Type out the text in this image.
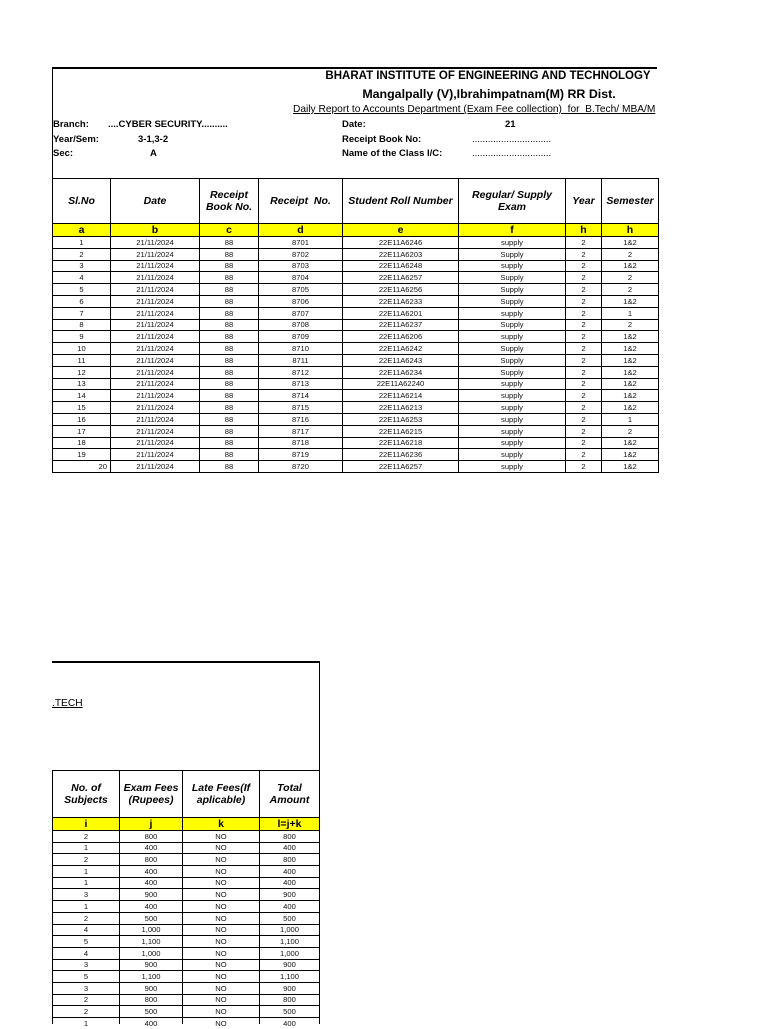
BHARAT INSTITUTE OF ENGINEERING AND TECHNOLOGY
Mangalpally (V),Ibrahimpatnam(M) RR Dist.
Daily Report to Accounts Department (Exam Fee collection)  for  B.Tech/ MBA/M
.TECH
Branch: ....CYBER SECURITY..........	Date:	21
Year/Sem:	3-1,3-2	Receipt Book No:	..............................
Sec:	A	Name of the Class I/C:	..............................
Sl.No	Date	Receipt Book No.	Receipt  No.	Student Roll Number	Regular/ Supply Exam	Year	Semester
a	b	c	d	e	f	h	h

1	21/11/2024	88	8701	22E11A6246	supply	2	1&2

2	21/11/2024	88	8702	22E11A6203	Supply	2	2

3	21/11/2024	88	8703	22E11A6248	supply	2	1&2

4	21/11/2024	88	8704	22E11A6257	Supply	2	2

5	21/11/2024	88	8705	22E11A6256	Supply	2	2

6	21/11/2024	88	8706	22E11A6233	Supply	2	1&2

7	21/11/2024	88	8707	22E11A6201	supply	2	1

8	21/11/2024	88	8708	22E11A6237	Supply	2	2

9	21/11/2024	88	8709	22E11A6206	supply	2	1&2

10	21/11/2024	88	8710	22E11A6242	Supply	2	1&2

11	21/11/2024	88	8711	22E11A6243	Supply	2	1&2

12	21/11/2024	88	8712	22E11A6234	Supply	2	1&2

13	21/11/2024	88	8713	22E11A62240	supply	2	1&2

14	21/11/2024	88	8714	22E11A6214	supply	2	1&2

15	21/11/2024	88	8715	22E11A6213	supply	2	1&2

16	21/11/2024	88	8716	22E11A6253	supply	2	1

17	21/11/2024	88	8717	22E11A6215	supply	2	2

18	21/11/2024	88	8718	22E11A6218	supply	2	1&2

19	21/11/2024	88	8719	22E11A6236	supply	2	1&2

20	21/11/2024	88	8720	22E11A6257	supply	2	1&2
No. of Subjects	Exam Fees (Rupees)	Late Fees(If aplicable)	Total Amount
i	j	k	l=j+k

2	800	NO	800

1	400	NO	400

2	800	NO	800

1	400	NO	400

1	400	NO	400

3	900	NO	900

1	400	NO	400

2	500	NO	500

4	1,000	NO	1,000

5	1,100	NO	1,100

4	1,000	NO	1,000

3	900	NO	900

5	1,100	NO	1,100

3	900	NO	900

2	800	NO	800

2	500	NO	500

1	400	NO	400
